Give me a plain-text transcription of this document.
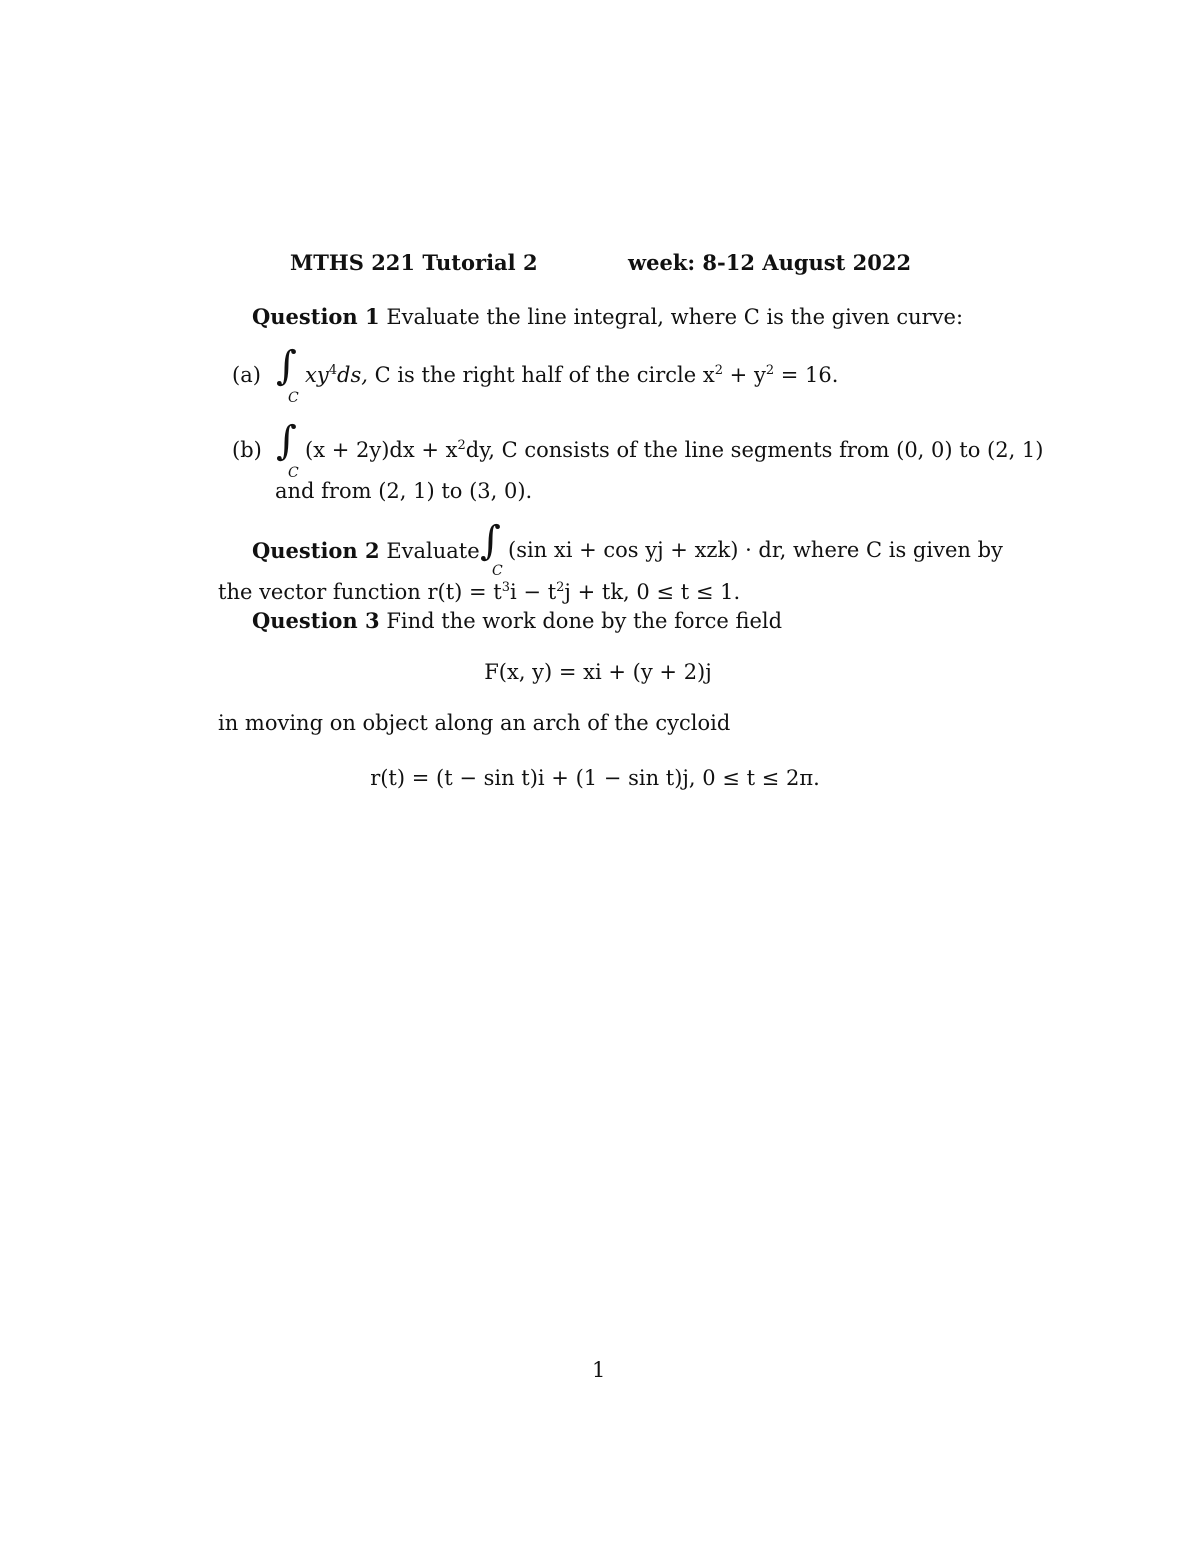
MTHS 221 Tutorial 2	week: 8-12 August 2022
Question 1 Evaluate the line integral, where C is the given curve:
(a) ∫
C
$xy^4ds$, C is the right half of the circle $x^2 + y^2 = 16$.
(b) ∫
C
$(x + 2y)dx + x^2dy$, C consists of the line segments from (0, 0) to (2, 1)
and from (2, 1) to (3, 0).
Question 2 Evaluate ∫
C
(sin xi + cos yj + xzk) · dr, where C is given by
the vector function $r(t) = t^3i - t^2j$ + tk, 0 ≤ t ≤ 1.
Question 3 Find the work done by the force field
F(x, y) = xi + (y + 2)j
in moving on object along an arch of the cycloid
r(t) = (t − sin t)i + (1 − sin t)j, 0 ≤ t ≤ 2π.
1
